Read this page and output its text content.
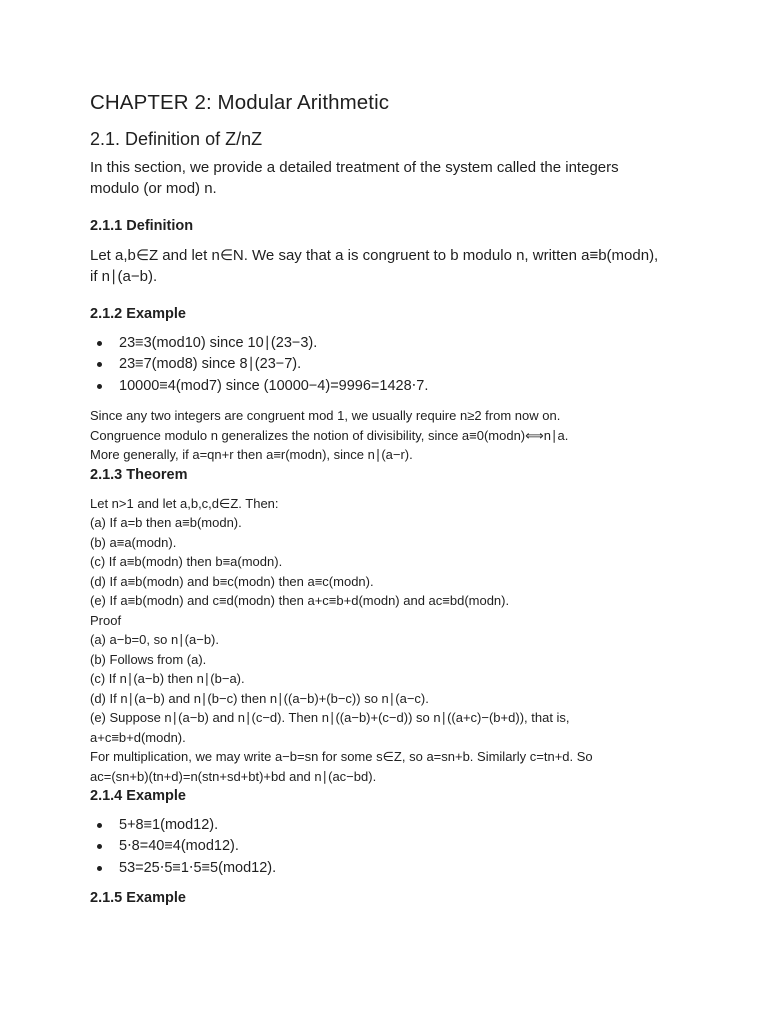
CHAPTER 2: Modular Arithmetic
2.1. Definition of Z/nZ

In this section, we provide a detailed treatment of the system called the integers
modulo (or mod) n.

2.1.1 Definition

Let a,b∈Z and let n∈N. We say that a is congruent to b modulo n, written a≡b(modn),
if n∣(a−b).

2.1.2 Example
23≡3(mod10) since 10∣(23−3).
23≡7(mod8) since 8∣(23−7).
10000≡4(mod7) since (10000−4)=9996=1428⋅7.
Since any two integers are congruent mod 1, we usually require n≥2 from now on.
Congruence modulo n generalizes the notion of divisibility, since a≡0(modn)⟺n∣a.
More generally, if a=qn+r then a≡r(modn), since n∣(a−r).
2.1.3 Theorem
Let n>1 and let a,b,c,d∈Z. Then:
(a) If a=b then a≡b(modn).
(b) a≡a(modn).
(c) If a≡b(modn) then b≡a(modn).
(d) If a≡b(modn) and b≡c(modn) then a≡c(modn).
(e) If a≡b(modn) and c≡d(modn) then a+c≡b+d(modn) and ac≡bd(modn).
Proof
(a) a−b=0, so n∣(a−b).
(b) Follows from (a).
(c) If n∣(a−b) then n∣(b−a).
(d) If n∣(a−b) and n∣(b−c) then n∣((a−b)+(b−c)) so n∣(a−c).
(e) Suppose n∣(a−b) and n∣(c−d). Then n∣((a−b)+(c−d)) so n∣((a+c)−(b+d)), that is,
a+c≡b+d(modn).
For multiplication, we may write a−b=sn for some s∈Z, so a=sn+b. Similarly c=tn+d. So
ac=(sn+b)(tn+d)=n(stn+sd+bt)+bd and n∣(ac−bd).
2.1.4 Example
5+8≡1(mod12).
5⋅8=40≡4(mod12).
53=25⋅5≡1⋅5≡5(mod12).
2.1.5 Example
